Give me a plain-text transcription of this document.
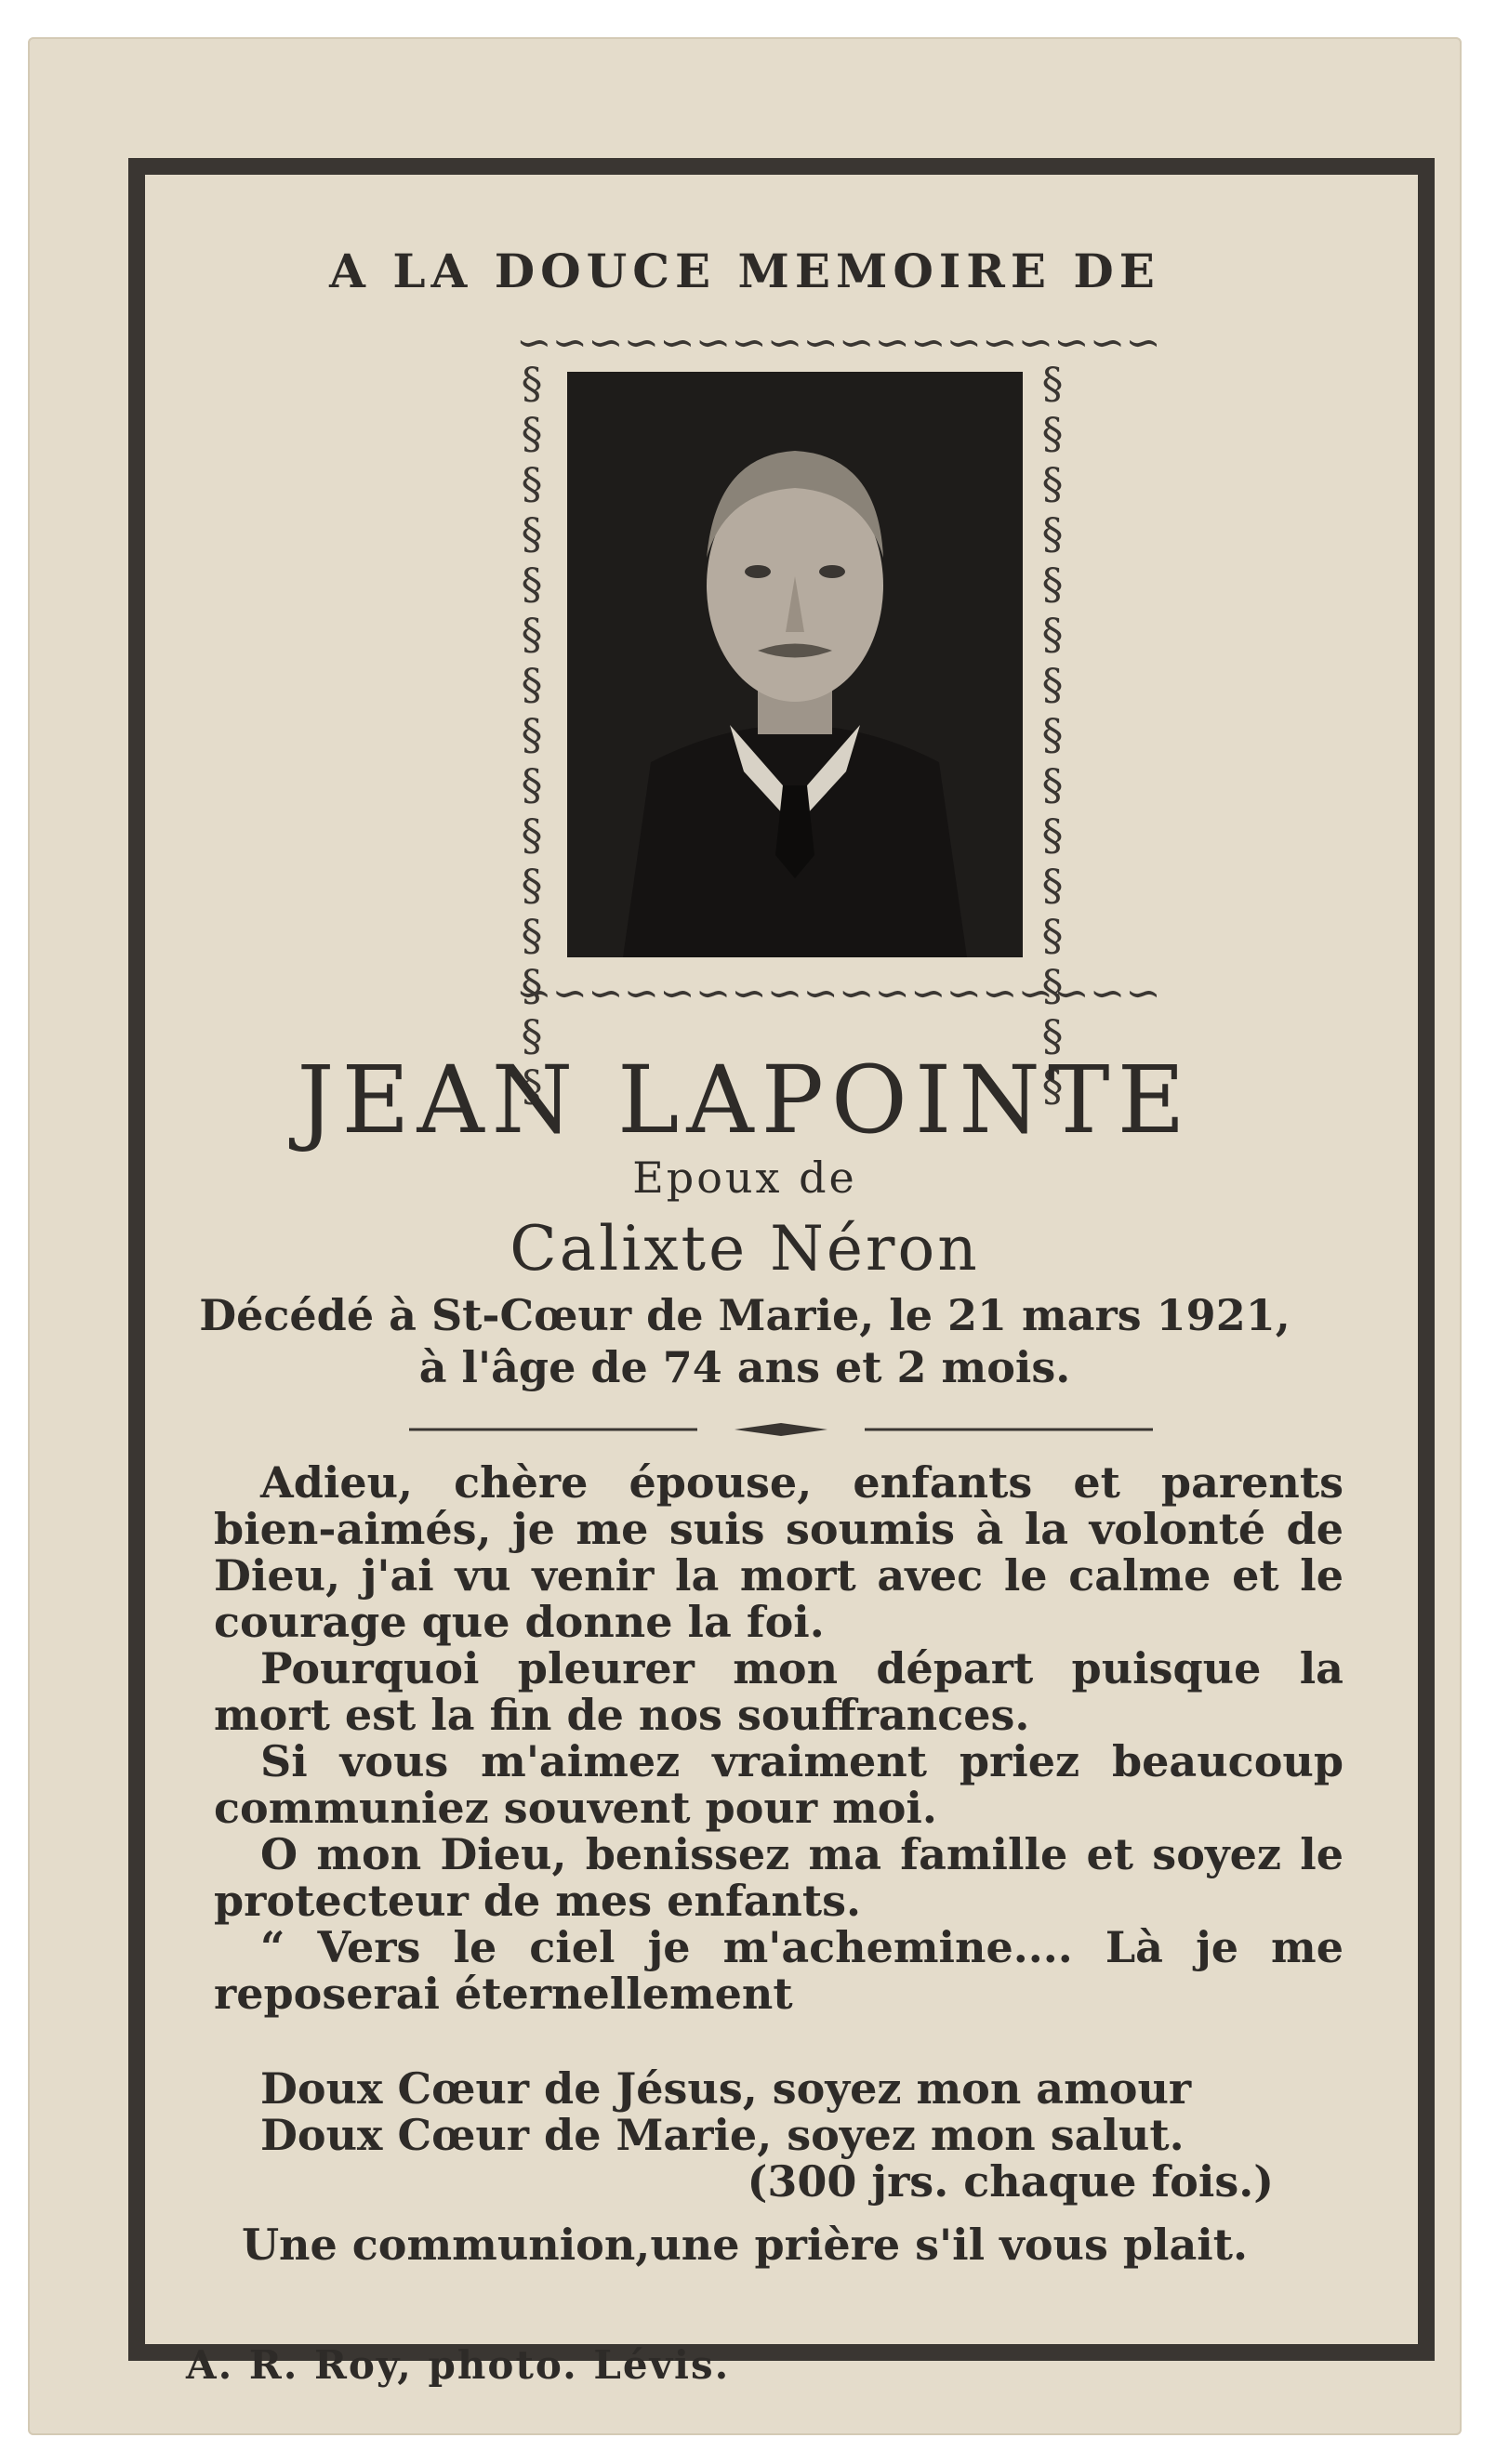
A LA DOUCE MEMOIRE DE
∽∽∽∽∽∽∽∽∽∽∽∽∽∽∽∽∽∽
∽∽∽∽∽∽∽∽∽∽∽∽∽∽∽∽∽∽
§§§§§§§§§§§§§§§	§§§§§§§§§§§§§§§
JEAN LAPOINTE
Epoux de
Calixte Néron
Décédé à St-Cœur de Marie, le 21 mars 1921,
à l'âge de 74 ans et 2 mois.

Adieu, chère épouse, enfants et parents bien-aimés, je me suis soumis à la volonté de Dieu, j'ai vu venir la mort avec le calme et le courage que donne la foi.

Pourquoi pleurer mon départ puisque la mort est la fin de nos souffrances.

Si vous m'aimez vraiment priez beaucoup communiez souvent pour moi.

O mon Dieu, benissez ma famille et soyez le protecteur de mes enfants.

“ Vers le ciel je m'achemine.... Là je me reposerai éternellement

Doux Cœur de Jésus, soyez mon amour
Doux Cœur de Marie, soyez mon salut.
(300 jrs. chaque fois.)
Une communion,une prière s'il vous plait.
A. R. Roy, photo. Lévis.
